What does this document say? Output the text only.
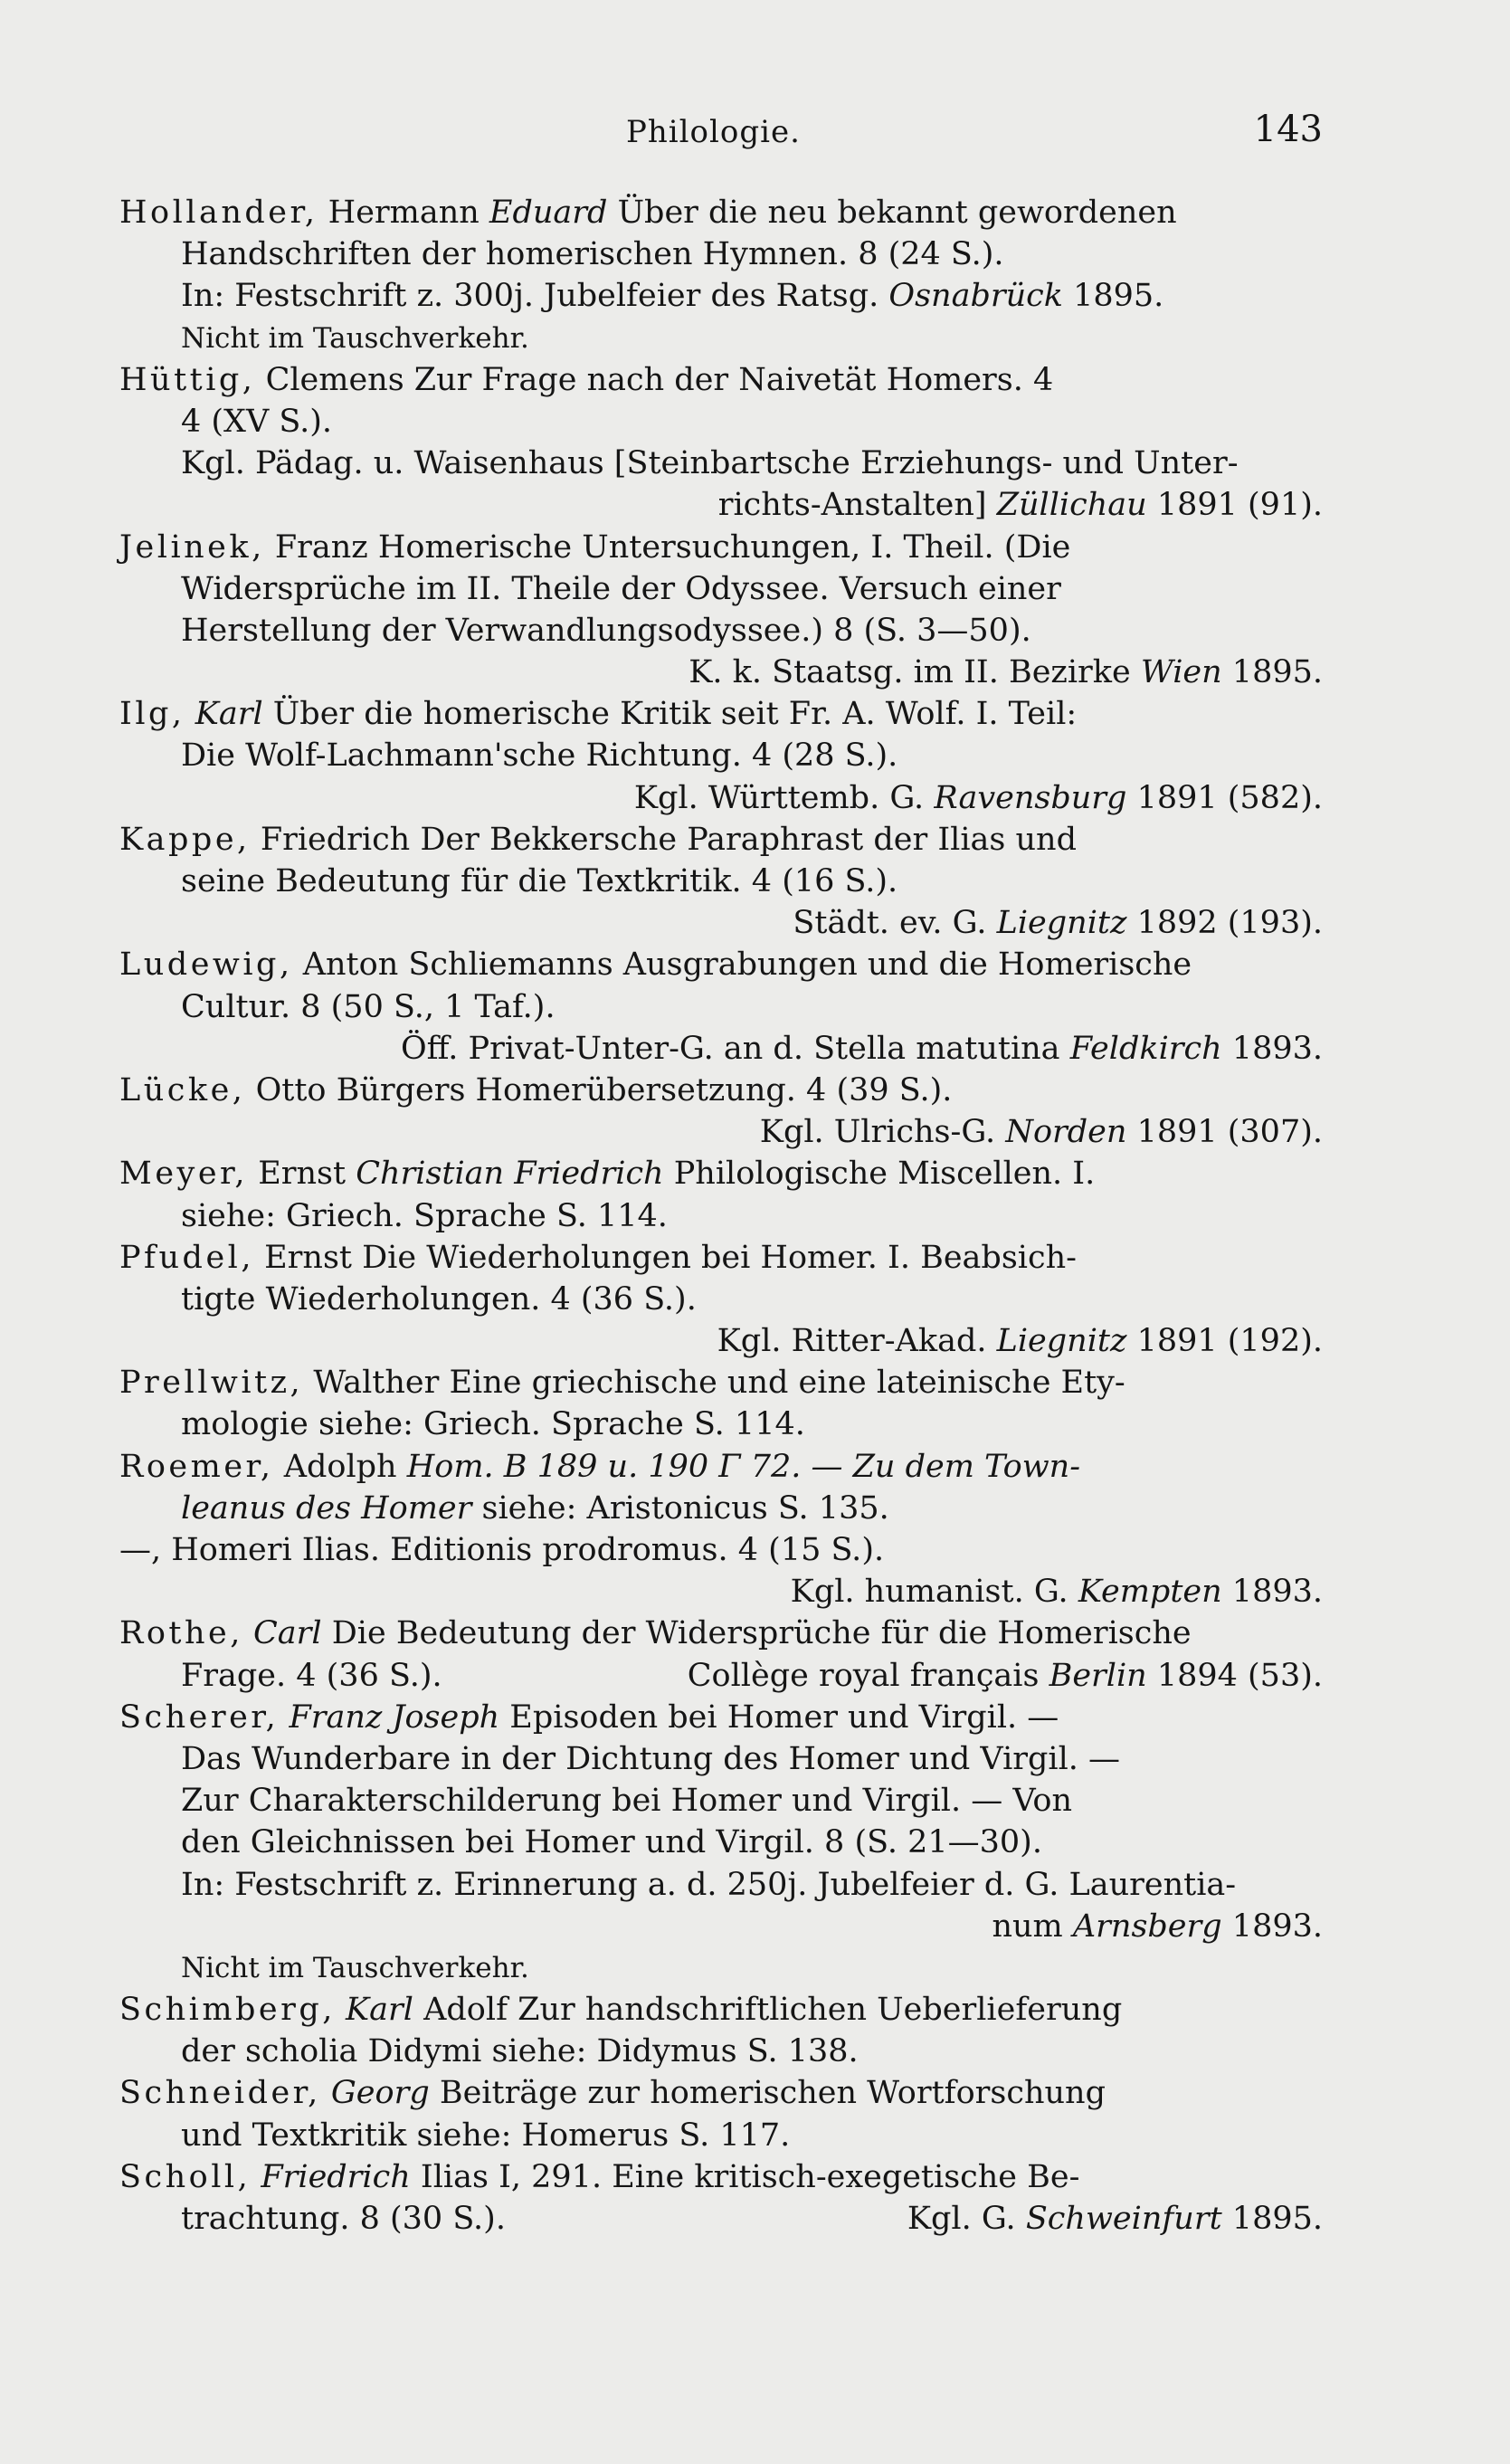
Philologie.	143
Hollander, Hermann Eduard Über die neu bekannt gewordenen
Handschriften der homerischen Hymnen. 8 (24 S.).
In: Festschrift z. 300j. Jubelfeier des Ratsg. Osnabrück 1895.
Nicht im Tauschverkehr.
Hüttig, Clemens Zur Frage nach der Naivetät Homers. 4
4 (XV S.).
Kgl. Pädag. u. Waisenhaus [Steinbartsche Erziehungs- und Unter-
richts-Anstalten] Züllichau 1891 (91).
Jelinek, Franz Homerische Untersuchungen, I. Theil. (Die
Widersprüche im II. Theile der Odyssee. Versuch einer
Herstellung der Verwandlungsodyssee.) 8 (S. 3—50).
K. k. Staatsg. im II. Bezirke Wien 1895.
Ilg, Karl Über die homerische Kritik seit Fr. A. Wolf. I. Teil:
Die Wolf-Lachmann'sche Richtung. 4 (28 S.).
Kgl. Württemb. G. Ravensburg 1891 (582).
Kappe, Friedrich Der Bekkersche Paraphrast der Ilias und
seine Bedeutung für die Textkritik. 4 (16 S.).
Städt. ev. G. Liegnitz 1892 (193).
Ludewig, Anton Schliemanns Ausgrabungen und die Homerische
Cultur. 8 (50 S., 1 Taf.).
Öff. Privat-Unter-G. an d. Stella matutina Feldkirch 1893.
Lücke, Otto Bürgers Homerübersetzung. 4 (39 S.).
Kgl. Ulrichs-G. Norden 1891 (307).
Meyer, Ernst Christian Friedrich Philologische Miscellen. I.
siehe: Griech. Sprache S. 114.
Pfudel, Ernst Die Wiederholungen bei Homer. I. Beabsich-
tigte Wiederholungen. 4 (36 S.).
Kgl. Ritter-Akad. Liegnitz 1891 (192).
Prellwitz, Walther Eine griechische und eine lateinische Ety-
mologie siehe: Griech. Sprache S. 114.
Roemer, Adolph Hom. B 189 u. 190 Γ 72. — Zu dem Town-
leanus des Homer siehe: Aristonicus S. 135.
—, Homeri Ilias. Editionis prodromus. 4 (15 S.).
Kgl. humanist. G. Kempten 1893.
Rothe, Carl Die Bedeutung der Widersprüche für die Homerische
Frage. 4 (36 S.).	Collège royal français Berlin 1894 (53).
Scherer, Franz Joseph Episoden bei Homer und Virgil. —
Das Wunderbare in der Dichtung des Homer und Virgil. —
Zur Charakterschilderung bei Homer und Virgil. — Von
den Gleichnissen bei Homer und Virgil. 8 (S. 21—30).
In: Festschrift z. Erinnerung a. d. 250j. Jubelfeier d. G. Laurentia-
num Arnsberg 1893.
Nicht im Tauschverkehr.
Schimberg, Karl Adolf Zur handschriftlichen Ueberlieferung
der scholia Didymi siehe: Didymus S. 138.
Schneider, Georg Beiträge zur homerischen Wortforschung
und Textkritik siehe: Homerus S. 117.
Scholl, Friedrich Ilias I, 291. Eine kritisch-exegetische Be-
trachtung. 8 (30 S.).	Kgl. G. Schweinfurt 1895.
